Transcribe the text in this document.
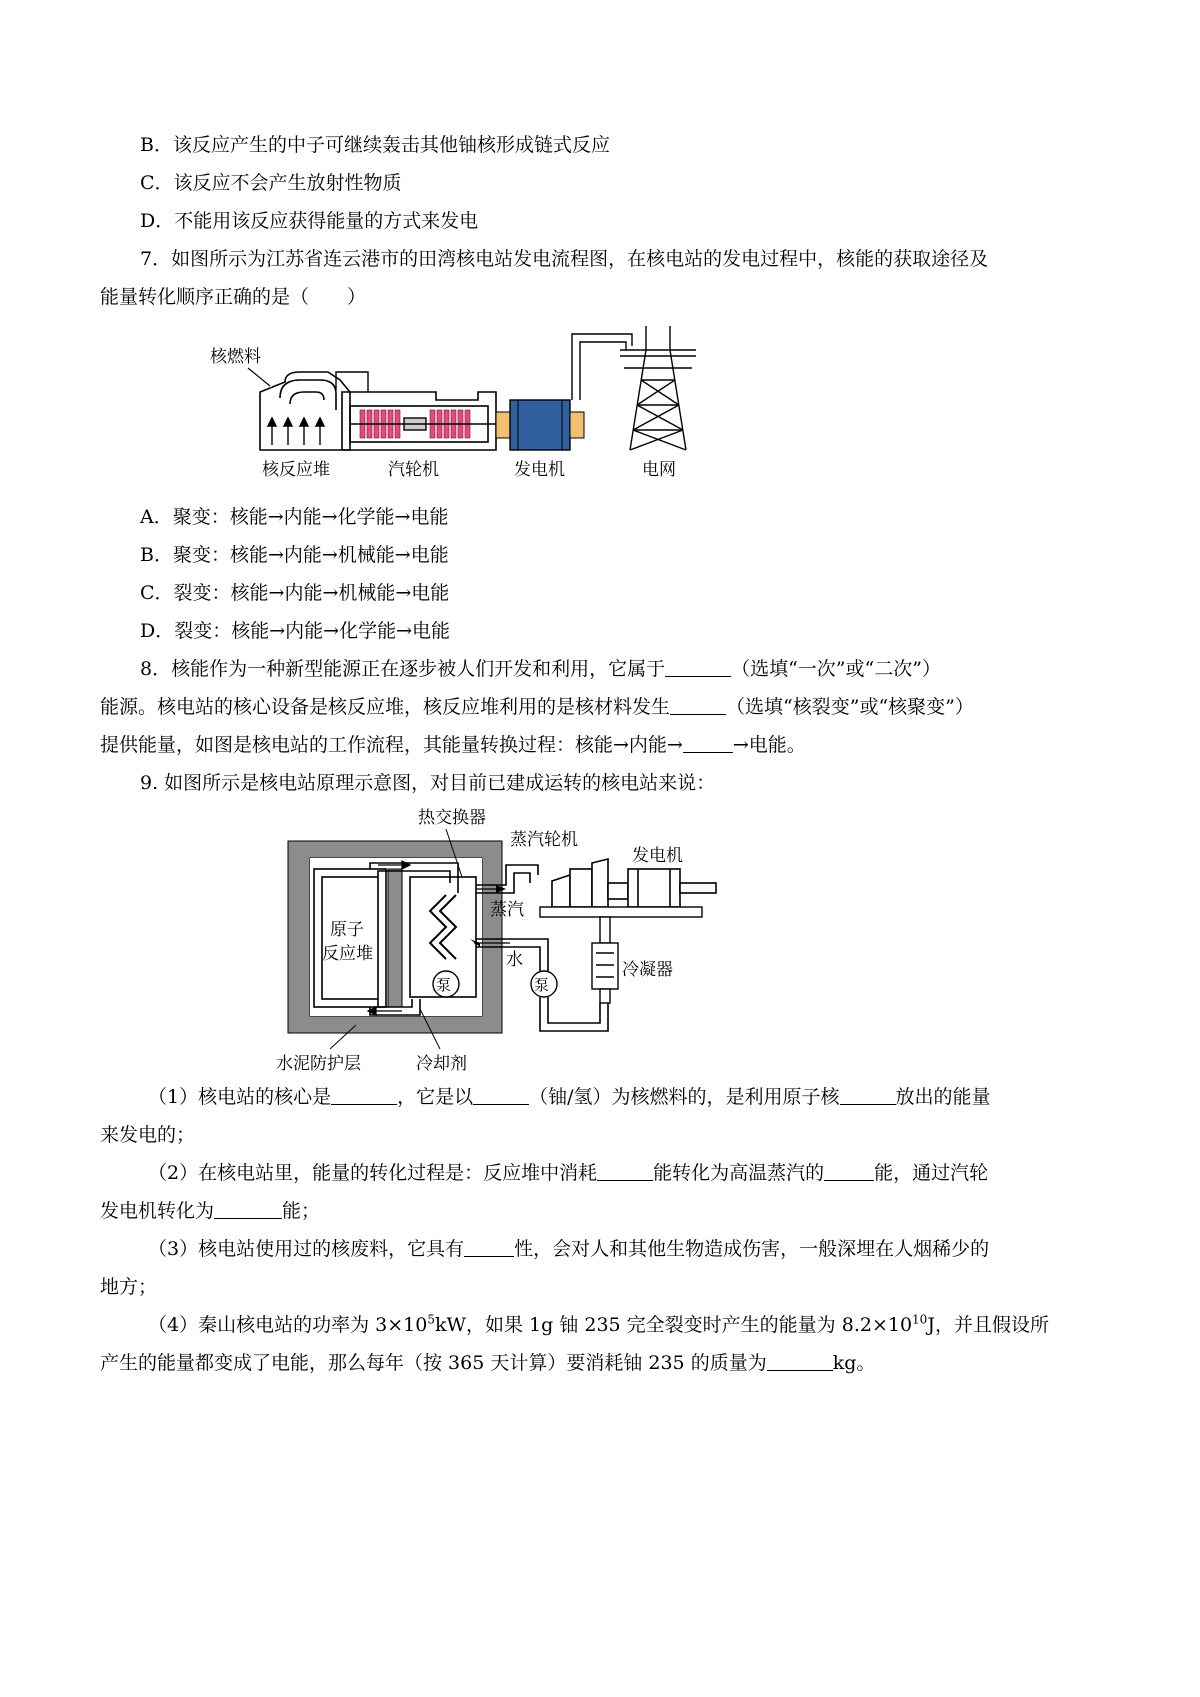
B．该反应产生的中子可继续轰击其他铀核形成链式反应
C．该反应不会产生放射性物质
D．不能用该反应获得能量的方式来发电
7．如图所示为江苏省连云港市的田湾核电站发电流程图，在核电站的发电过程中，核能的获取途径及
能量转化顺序正确的是（　　）
核燃料
核反应堆	汽轮机	发电机	电网
A．聚变：核能→内能→化学能→电能
B．聚变：核能→内能→机械能→电能
C．裂变：核能→内能→机械能→电能
D．裂变：核能→内能→化学能→电能
8．核能作为一种新型能源正在逐步被人们开发和利用，它属于	（选填“一次”或“二次”）
能源。核电站的核心设备是核反应堆，核反应堆利用的是核材料发生	（选填“核裂变”或“核聚变”）
提供能量，如图是核电站的工作流程，其能量转换过程：核能→内能→	→电能。
9. 如图所示是核电站原理示意图，对目前已建成运转的核电站来说：
泵	泵
热交换器
蒸汽轮机
发电机
蒸汽
原子
反应堆	水	冷凝器
水泥防护层	冷却剂
（1）核电站的核心是	，它是以	（铀/氢）为核燃料的，是利用原子核	放出的能量
来发电的；
（2）在核电站里，能量的转化过程是：反应堆中消耗	能转化为高温蒸汽的	能，通过汽轮
发电机转化为	能；
（3）核电站使用过的核废料，它具有	性，会对人和其他生物造成伤害，一般深埋在人烟稀少的
地方；
（4）秦山核电站的功率为 $3\times 10^5kW$，如果 1g 铀 235 完全裂变时产生的能量为 $8.2\times 10^{10}J$，并且假设所
产生的能量都变成了电能，那么每年（按 365 天计算）要消耗铀 235 的质量为	kg。
